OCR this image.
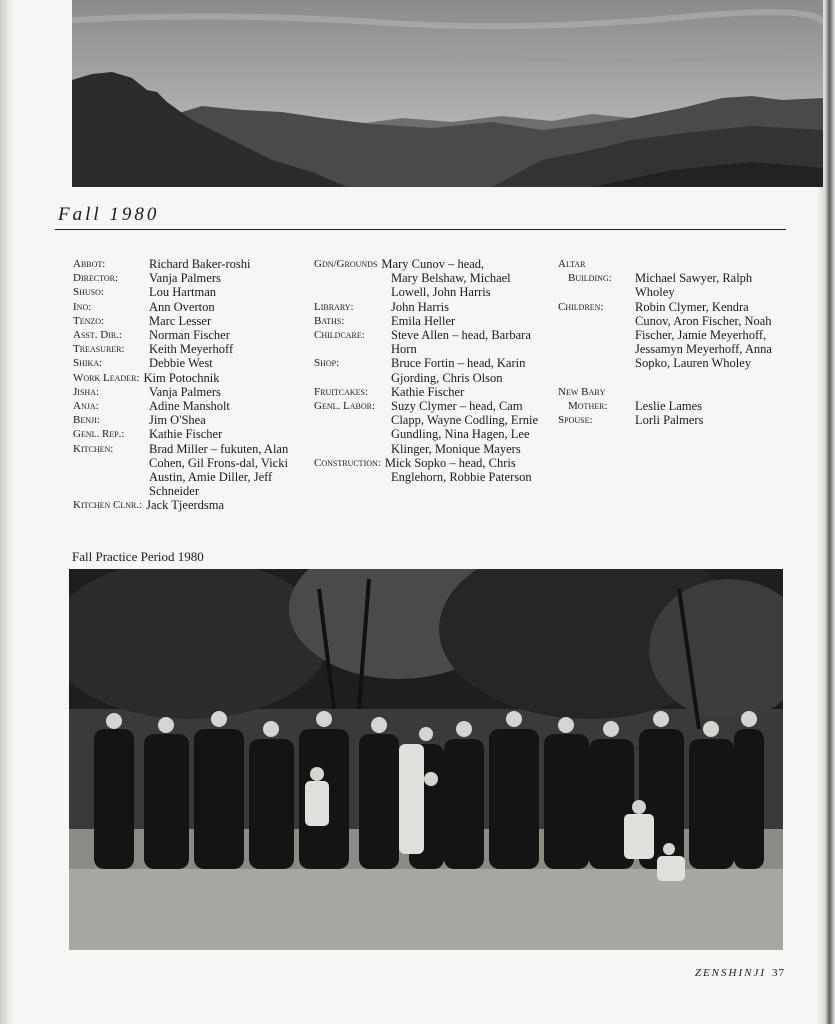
Fall 1980
Abbot:	Richard Baker-roshi
Director:	Vanja Palmers
Shuso:	Lou Hartman
Ino:	Ann Overton
Tenzo:	Marc Lesser
Asst. Dir.:	Norman Fischer
Treasurer:	Keith Meyerhoff
Shika:	Debbie West
Work Leader: Kim Potochnik
Jisha:	Vanja Palmers
Anja:	Adine Mansholt
Benji:	Jim O'Shea
Genl. Rep.:	Kathie Fischer
Kitchen:	Brad Miller – fukuten, Alan Cohen, Gil Frons-dal, Vicki Austin, Amie Diller, Jeff Schneider
Kitchen Clnr.: Jack Tjeerdsma
Gdn/Grounds Mary Cunov – head,
Mary Belshaw, Michael Lowell, John Harris
Library:	John Harris
Baths:	Emila Heller
Childcare:	Steve Allen – head, Barbara Horn
Shop:	Bruce Fortin – head, Karin Gjording, Chris Olson
Fruitcakes:	Kathie Fischer
Genl. Labor:	Suzy Clymer – head, Cam Clapp, Wayne Codling, Ernie Gundling, Nina Hagen, Lee Klinger, Monique Mayers
Construction: Mick Sopko – head, Chris
Englehorn, Robbie Paterson
Altar
Building:	Michael Sawyer, Ralph Wholey
Children:	Robin Clymer, Kendra Cunov, Aron Fischer, Noah Fischer, Jamie Meyerhoff, Jessamyn Meyerhoff, Anna Sopko, Lauren Wholey
New Baby
Mother:	Leslie Lames
Spouse:	Lorli Palmers

Fall Practice Period 1980

ZENSHINJI 37
